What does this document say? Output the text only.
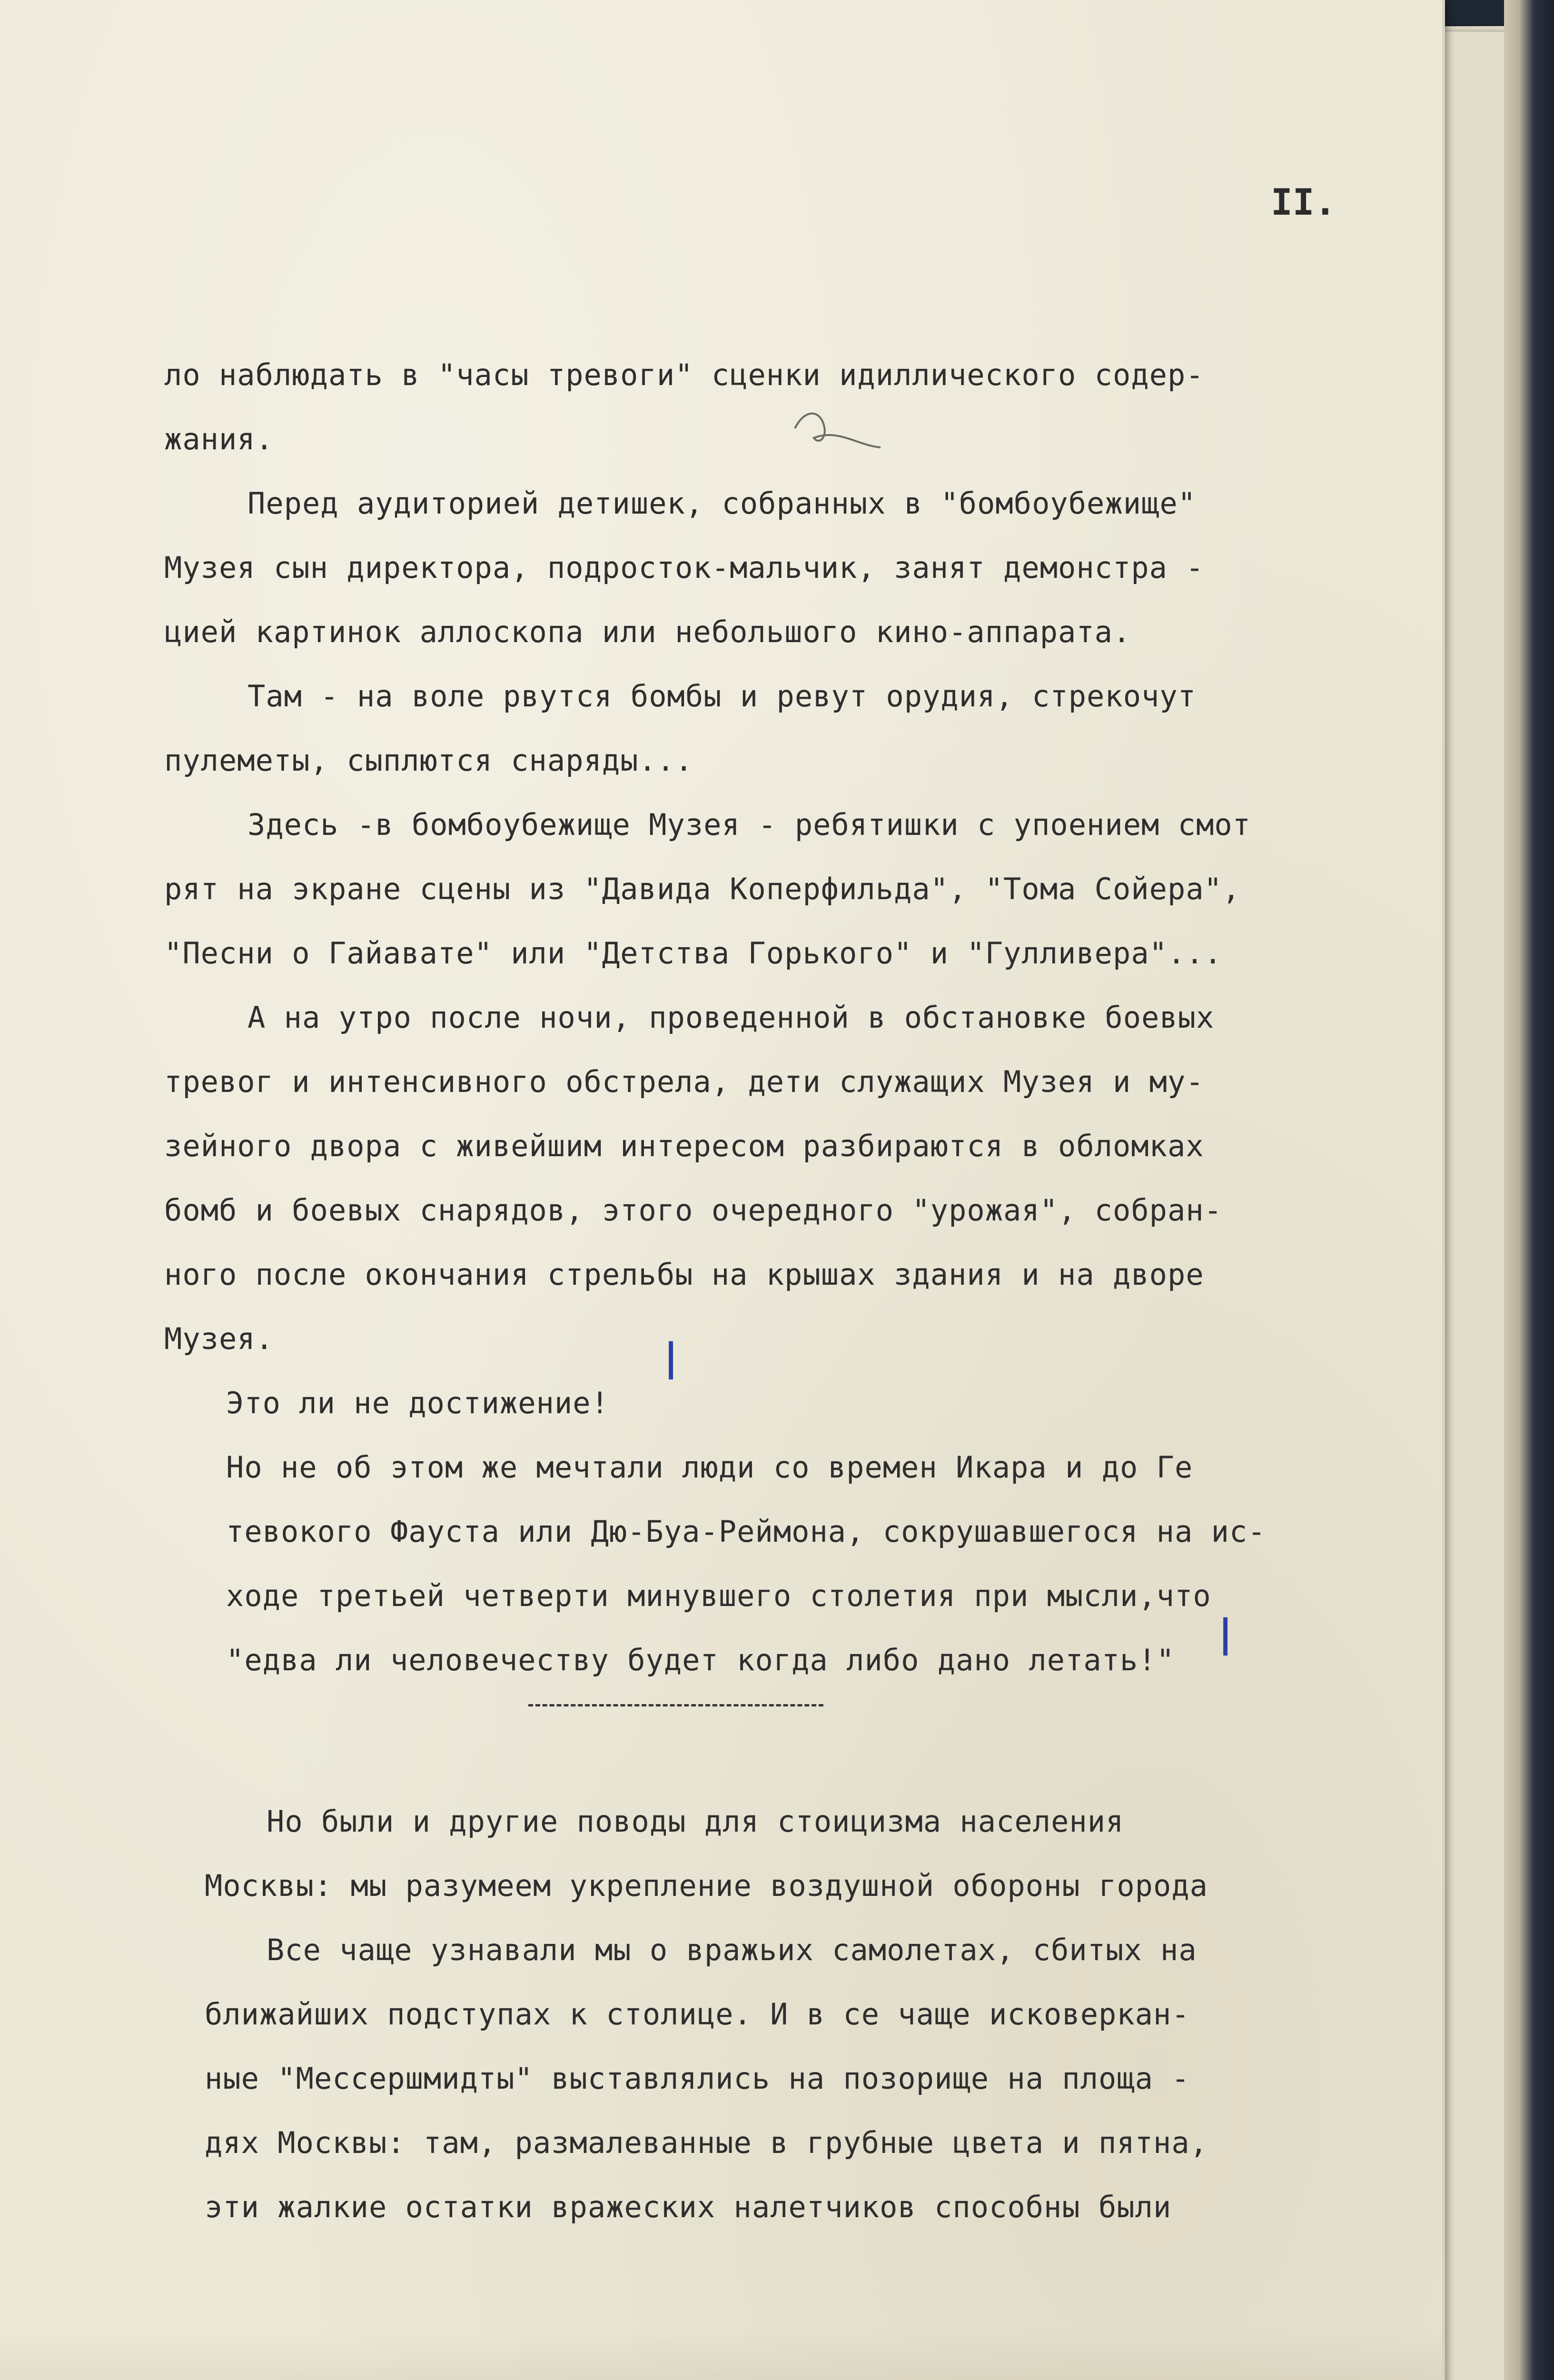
II.

ло наблюдать в "часы тревоги" сценки идиллического содер-

жания.

Перед аудиторией детишек, собранных в "бомбоубежище"

Музея сын директора, подросток-мальчик, занят демонстра -

цией картинок аллоскопа или небольшого кино-аппарата.

Там - на воле рвутся бомбы и ревут орудия, стрекочут

пулеметы, сыплются снаряды...

Здесь -в бомбоубежище Музея - ребятишки с упоением смот

рят на экране сцены из "Давида Коперфильда", "Тома Сойера",

"Песни о Гайавате" или "Детства Горького" и "Гулливера"...

А на утро после ночи, проведенной в обстановке боевых

тревог и интенсивного обстрела, дети служащих Музея и му-

зейного двора с живейшим интересом разбираются в обломках

бомб и боевых снарядов, этого очередного "урожая", собран-

ного после окончания стрельбы на крышах здания и на дворе

Музея.

Это ли не достижение!

Но не об этом же мечтали люди со времен Икара и до Ге

тевокого Фауста или Дю-Буа-Реймона, сокрушавшегося на ис-

ходе третьей четверти минувшего столетия при мысли,что

"едва ли человечеству будет когда либо дано летать!"

Но были и другие поводы для стоицизма населения

Москвы: мы разумеем укрепление воздушной обороны города

Все чаще узнавали мы о вражьих самолетах, сбитых на

ближайших подступах к столице. И в се чаще исковеркан-

ные "Мессершмидты" выставлялись на позорище на площа -

дях Москвы: там, размалеванные в грубные цвета и пятна,

эти жалкие остатки вражеских налетчиков способны были

|
|
